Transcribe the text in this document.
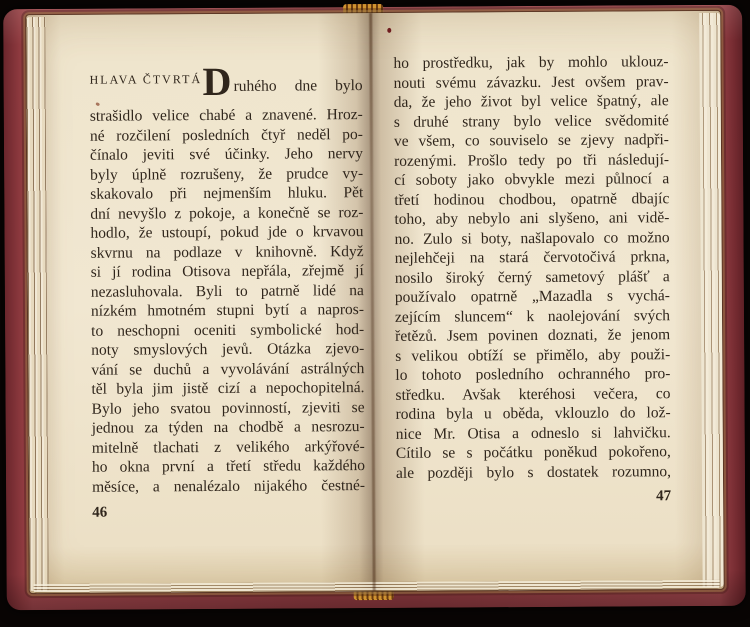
HLAVA ČTVRTÁ D ruhého dne bylo
strašidlo velice chabé a znavené. Hroz-
né rozčilení posledních čtyř neděl po-
čínalo jeviti své účinky. Jeho nervy
byly úplně rozrušeny, že prudce vy-
skakovalo při nejmenším hluku. Pět
dní nevyšlo z pokoje, a konečně se roz-
hodlo, že ustoupí, pokud jde o krvavou
skvrnu na podlaze v knihovně. Když
si jí rodina Otisova nepřála, zřejmě jí
nezasluhovala. Byli to patrně lidé na
nízkém hmotném stupni bytí a napros-
to neschopni oceniti symbolické hod-
noty smyslových jevů. Otázka zjevo-
vání se duchů a vyvolávání astrálných
těl byla jim jistě cizí a nepochopitelná.
Bylo jeho svatou povinností, zjeviti se
jednou za týden na chodbě a nesrozu-
mitelně tlachati z velikého arkýřové-
ho okna první a třetí středu každého
měsíce, a nenalézalo nijakého čestné-
46
ho prostředku, jak by mohlo uklouz-
nouti svému závazku. Jest ovšem prav-
da, že jeho život byl velice špatný, ale
s druhé strany bylo velice svědomité
ve všem, co souviselo se zjevy nadpři-
rozenými. Prošlo tedy po tři následují-
cí soboty jako obvykle mezi půlnocí a
třetí hodinou chodbou, opatrně dbajíc
toho, aby nebylo ani slyšeno, ani vidě-
no. Zulo si boty, našlapovalo co možno
nejlehčeji na stará červotočivá prkna,
nosilo široký černý sametový plášť a
používalo opatrně „Mazadla s vychá-
zejícím sluncem“ k naolejování svých
řetězů. Jsem povinen doznati, že jenom
s velikou obtíží se přimělo, aby použi-
lo tohoto posledního ochranného pro-
středku. Avšak kteréhosi večera, co
rodina byla u oběda, vklouzlo do lož-
nice Mr. Otisa a odneslo si lahvičku.
Cítilo se s počátku poněkud pokořeno,
ale později bylo s dostatek rozumno,
47
